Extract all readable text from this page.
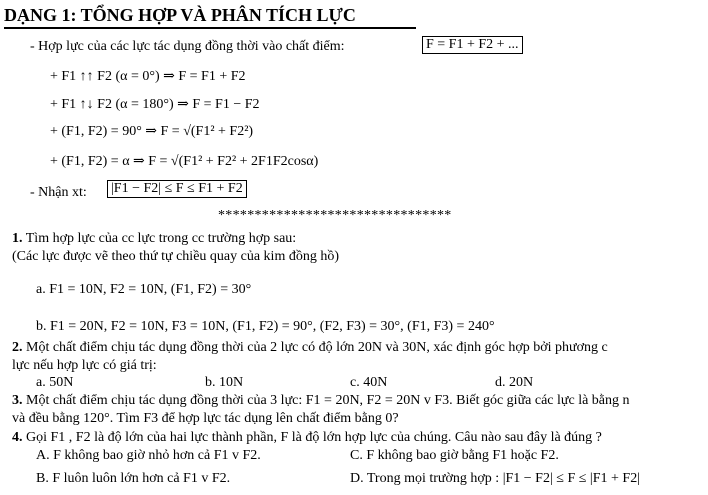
DẠNG 1: TỔNG HỢP VÀ PHÂN TÍCH LỰC
- Hợp lực của các lực tác dụng đồng thời vào chất điểm:	F = F1 + F2 + ...
+ F1 ↑↑ F2 (α = 0°) ⇒ F = F1 + F2
+ F1 ↑↓ F2 (α = 180°) ⇒ F = F1 − F2
+ (F1, F2) = 90° ⇒ F = √(F1² + F2²)
+ (F1, F2) = α ⇒ F = √(F1² + F2² + 2F1F2cosα)
- Nhận xt: |F1 − F2| ≤ F ≤ F1 + F2
********************************
1. Tìm hợp lực của cc lực trong cc trường hợp sau:
(Các lực được vẽ theo thứ tự chiều quay của kim đồng hồ)
a. F1 = 10N, F2 = 10N, (F1, F2) = 30°
b. F1 = 20N, F2 = 10N, F3 = 10N, (F1, F2) = 90°, (F2, F3) = 30°, (F1, F3) = 240°
2. Một chất điểm chịu tác dụng đồng thời của 2 lực có độ lớn 20N và 30N, xác định góc hợp bởi phương c
lực nếu hợp lực có giá trị:
a. 50N	b. 10N	c. 40N	d. 20N
3. Một chất điểm chịu tác dụng đồng thời của 3 lực: F1 = 20N, F2 = 20N v F3. Biết góc giữa các lực là bằng n
và đều bằng 120°. Tìm F3 để hợp lực tác dụng lên chất điểm bằng 0?
4. Gọi F1 , F2 là độ lớn của hai lực thành phần, F là độ lớn hợp lực của chúng. Câu nào sau đây là đúng ?
A. F không bao giờ nhỏ hơn cả F1 v F2.	C. F không bao giờ bằng F1 hoặc F2.
B. F luôn luôn lớn hơn cả F1 v F2.	D. Trong mọi trường hợp : |F1 − F2| ≤ F ≤ |F1 + F2|
